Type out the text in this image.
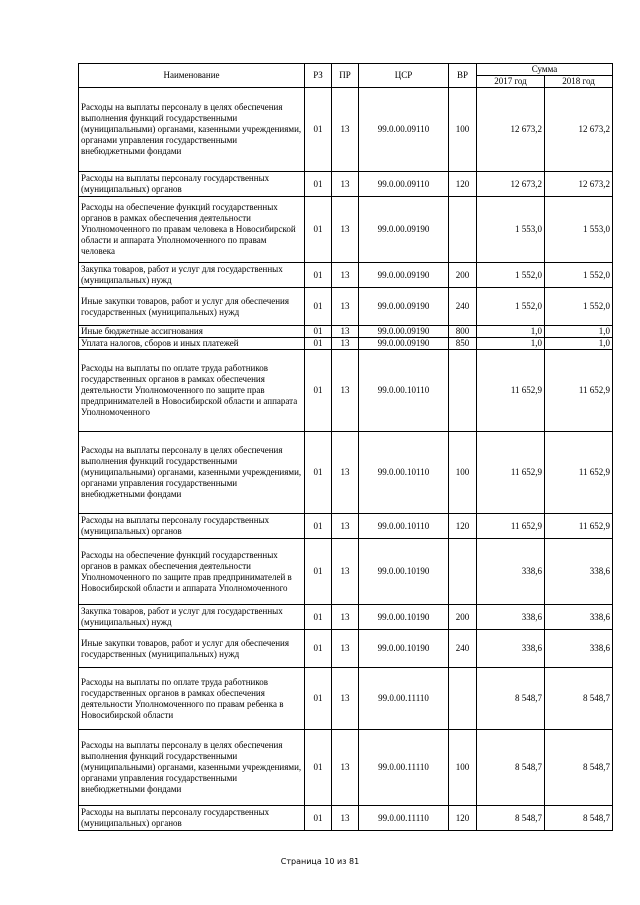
Наименование	РЗ	ПР	ЦСР	ВР	Сумма	
					2017 год	2018 год
Расходы на выплаты персоналу в целях обеспечения выполнения функций государственными (муниципальными) органами, казенными учреждениями, органами управления государственными внебюджетными фондами	01	13	99.0.00.09110	100	12 673,2	12 673,2
Расходы на выплаты персоналу государственных (муниципальных) органов	01	13	99.0.00.09110	120	12 673,2	12 673,2
Расходы на обеспечение функций государственных органов в рамках обеспечения деятельности Уполномоченного по правам человека в Новосибирской области и аппарата Уполномоченного по правам человека	01	13	99.0.00.09190		1 553,0	1 553,0
Закупка товаров, работ и услуг для государственных (муниципальных) нужд	01	13	99.0.00.09190	200	1 552,0	1 552,0
Иные закупки товаров, работ и услуг для обеспечения государственных (муниципальных) нужд	01	13	99.0.00.09190	240	1 552,0	1 552,0
Иные бюджетные ассигнования	01	13	99.0.00.09190	800	1,0	1,0
Уплата налогов, сборов и иных платежей	01	13	99.0.00.09190	850	1,0	1,0
Расходы на выплаты по оплате труда работников государственных органов в рамках обеспечения деятельности Уполномоченного по защите прав предпринимателей в Новосибирской области и аппарата Уполномоченного	01	13	99.0.00.10110		11 652,9	11 652,9
Расходы на выплаты персоналу в целях обеспечения выполнения функций государственными (муниципальными) органами, казенными учреждениями, органами управления государственными внебюджетными фондами	01	13	99.0.00.10110	100	11 652,9	11 652,9
Расходы на выплаты персоналу государственных (муниципальных) органов	01	13	99.0.00.10110	120	11 652,9	11 652,9
Расходы на обеспечение функций государственных органов в рамках обеспечения деятельности Уполномоченного по защите прав предпринимателей в Новосибирской области и аппарата Уполномоченного	01	13	99.0.00.10190		338,6	338,6
Закупка товаров, работ и услуг для государственных (муниципальных) нужд	01	13	99.0.00.10190	200	338,6	338,6
Иные закупки товаров, работ и услуг для обеспечения государственных (муниципальных) нужд	01	13	99.0.00.10190	240	338,6	338,6
Расходы на выплаты по оплате труда работников государственных органов в рамках обеспечения деятельности Уполномоченного по правам ребенка в Новосибирской области	01	13	99.0.00.11110		8 548,7	8 548,7
Расходы на выплаты персоналу в целях обеспечения выполнения функций государственными (муниципальными) органами, казенными учреждениями, органами управления государственными внебюджетными фондами	01	13	99.0.00.11110	100	8 548,7	8 548,7
Расходы на выплаты персоналу государственных (муниципальных) органов	01	13	99.0.00.11110	120	8 548,7	8 548,7
Страница 10 из 81
